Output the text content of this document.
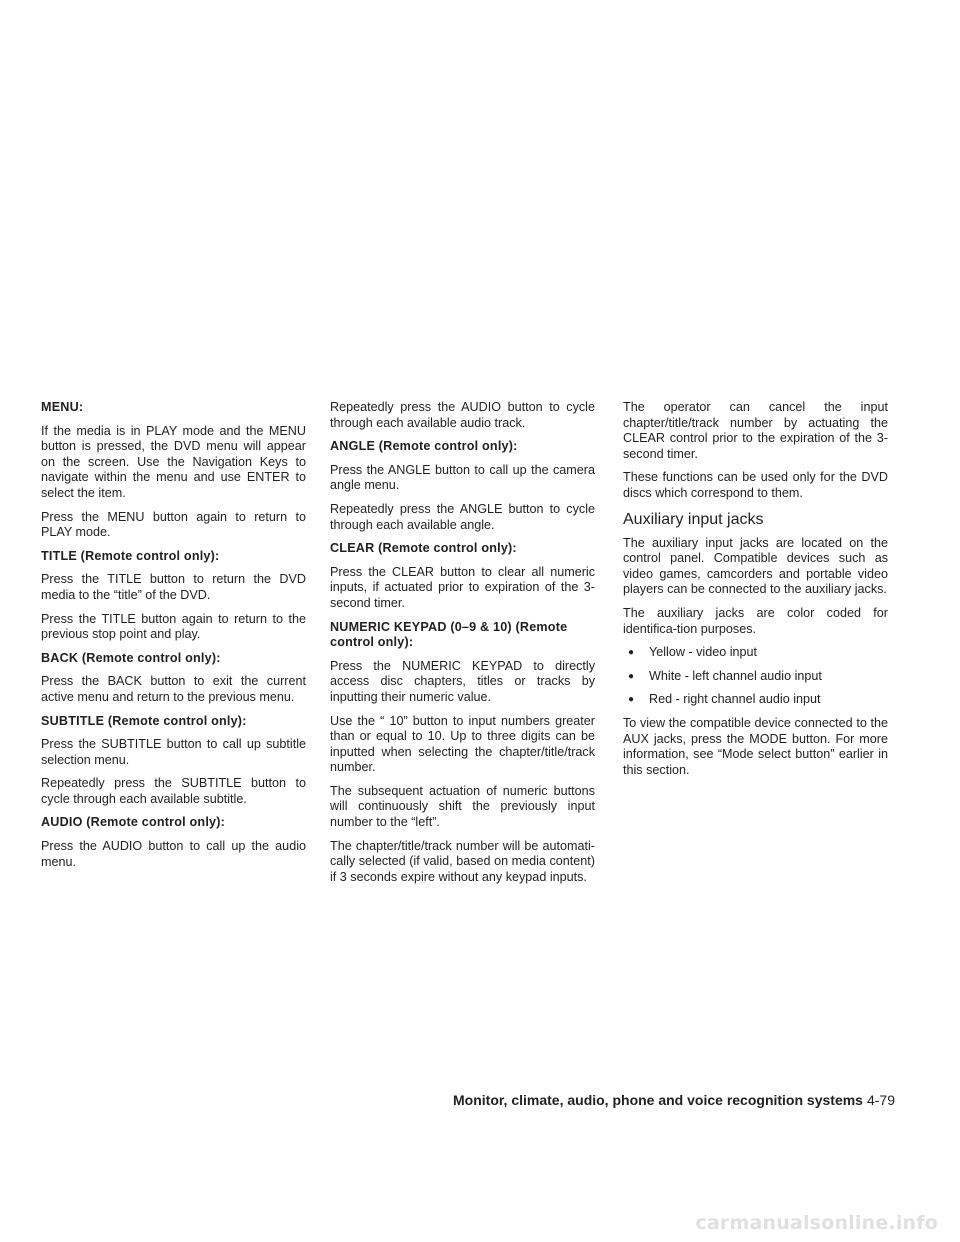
MENU:

If the media is in PLAY mode and the MENU button is pressed, the DVD menu will appear on the screen. Use the Navigation Keys to navigate within the menu and use ENTER to select the item.

Press the MENU button again to return to PLAY mode.

TITLE (Remote control only):

Press the TITLE button to return the DVD media to the “title” of the DVD.

Press the TITLE button again to return to the previous stop point and play.

BACK (Remote control only):

Press the BACK button to exit the current active menu and return to the previous menu.

SUBTITLE (Remote control only):

Press the SUBTITLE button to call up subtitle selection menu.

Repeatedly press the SUBTITLE button to cycle through each available subtitle.

AUDIO (Remote control only):

Press the AUDIO button to call up the audio menu.

Repeatedly press the AUDIO button to cycle through each available audio track.

ANGLE (Remote control only):

Press the ANGLE button to call up the camera angle menu.

Repeatedly press the ANGLE button to cycle through each available angle.

CLEAR (Remote control only):

Press the CLEAR button to clear all numeric inputs, if actuated prior to expiration of the 3-second timer.

NUMERIC KEYPAD (0–9 & 10) (Remote control only):

Press the NUMERIC KEYPAD to directly access disc chapters, titles or tracks by inputting their numeric value.

Use the “ 10” button to input numbers greater than or equal to 10. Up to three digits can be inputted when selecting the chapter/title/track number.

The subsequent actuation of numeric buttons will continuously shift the previously input number to the “left”.

The chapter/title/track number will be automati-cally selected (if valid, based on media content) if 3 seconds expire without any keypad inputs.

The operator can cancel the input chapter/title/track number by actuating the CLEAR control prior to the expiration of the 3-second timer.

These functions can be used only for the DVD discs which correspond to them.

Auxiliary input jacks

The auxiliary input jacks are located on the control panel. Compatible devices such as video games, camcorders and portable video players can be connected to the auxiliary jacks.

The auxiliary jacks are color coded for identifica-tion purposes.

●	Yellow - video input
●	White - left channel audio input
●	Red - right channel audio input

To view the compatible device connected to the AUX jacks, press the MODE button. For more information, see “Mode select button” earlier in this section.

Monitor, climate, audio, phone and voice recognition systems 4-79
carmanualsonline.info
